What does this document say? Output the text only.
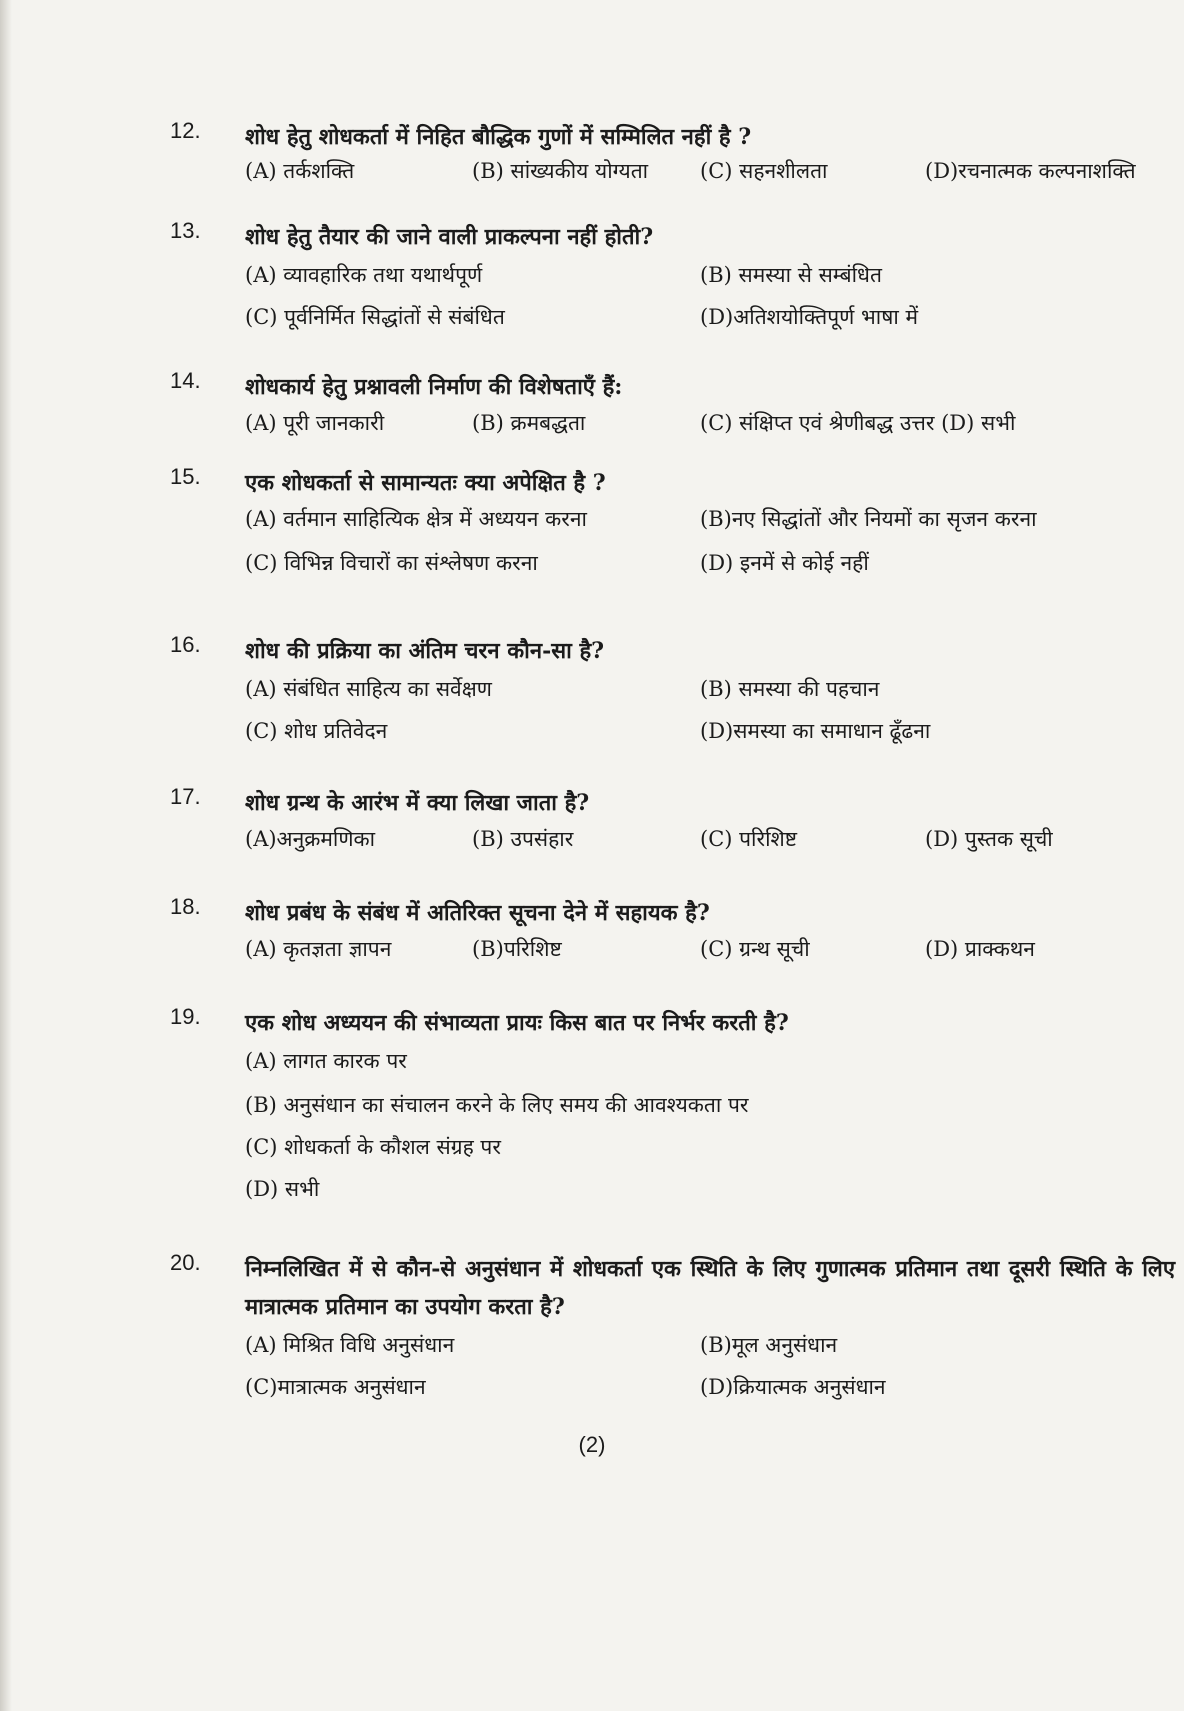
12. शोध हेतु शोधकर्ता में निहित बौद्धिक गुणों में सम्मिलित नहीं है ?
(A) तर्कशक्ति	(B) सांख्यकीय योग्यता (C) सहनशीलता	(D)रचनात्मक कल्पनाशक्ति
13. शोध हेतु तैयार की जाने वाली प्राकल्पना नहीं होती?
(A) व्यावहारिक तथा यथार्थपूर्ण	(B) समस्या से सम्बंधित
(C) पूर्वनिर्मित सिद्धांतों से संबंधित	(D)अतिशयोक्तिपूर्ण भाषा में
14. शोधकार्य हेतु प्रश्नावली निर्माण की विशेषताएँ हैं:
(A) पूरी जानकारी	(B) क्रमबद्धता	(C) संक्षिप्त एवं श्रेणीबद्ध उत्तर (D) सभी
15. एक शोधकर्ता से सामान्यतः क्या अपेक्षित है ?
(A) वर्तमान साहित्यिक क्षेत्र में अध्ययन करना	(B)नए सिद्धांतों और नियमों का सृजन करना
(C) विभिन्न विचारों का संश्लेषण करना	(D) इनमें से कोई नहीं
16. शोध की प्रक्रिया का अंतिम चरन कौन-सा है?
(A) संबंधित साहित्य का सर्वेक्षण	(B) समस्या की पहचान
(C) शोध प्रतिवेदन	(D)समस्या का समाधान ढूँढना
17. शोध ग्रन्थ के आरंभ में क्या लिखा जाता है?
(A)अनुक्रमणिका	(B) उपसंहार	(C) परिशिष्ट	(D) पुस्तक सूची
18. शोध प्रबंध के संबंध में अतिरिक्त सूचना देने में सहायक है?
(A) कृतज्ञता ज्ञापन	(B)परिशिष्ट	(C) ग्रन्थ सूची	(D) प्राक्कथन
19. एक शोध अध्ययन की संभाव्यता प्रायः किस बात पर निर्भर करती है?
(A) लागत कारक पर
(B) अनुसंधान का संचालन करने के लिए समय की आवश्यकता पर
(C) शोधकर्ता के कौशल संग्रह पर
(D) सभी
20. निम्नलिखित में से कौन-से अनुसंधान में शोधकर्ता एक स्थिति के लिए गुणात्मक प्रतिमान तथा दूसरी स्थिति के लिए मात्रात्मक प्रतिमान का उपयोग करता है?
(A) मिश्रित विधि अनुसंधान	(B)मूल अनुसंधान
(C)मात्रात्मक अनुसंधान	(D)क्रियात्मक अनुसंधान
(2)
